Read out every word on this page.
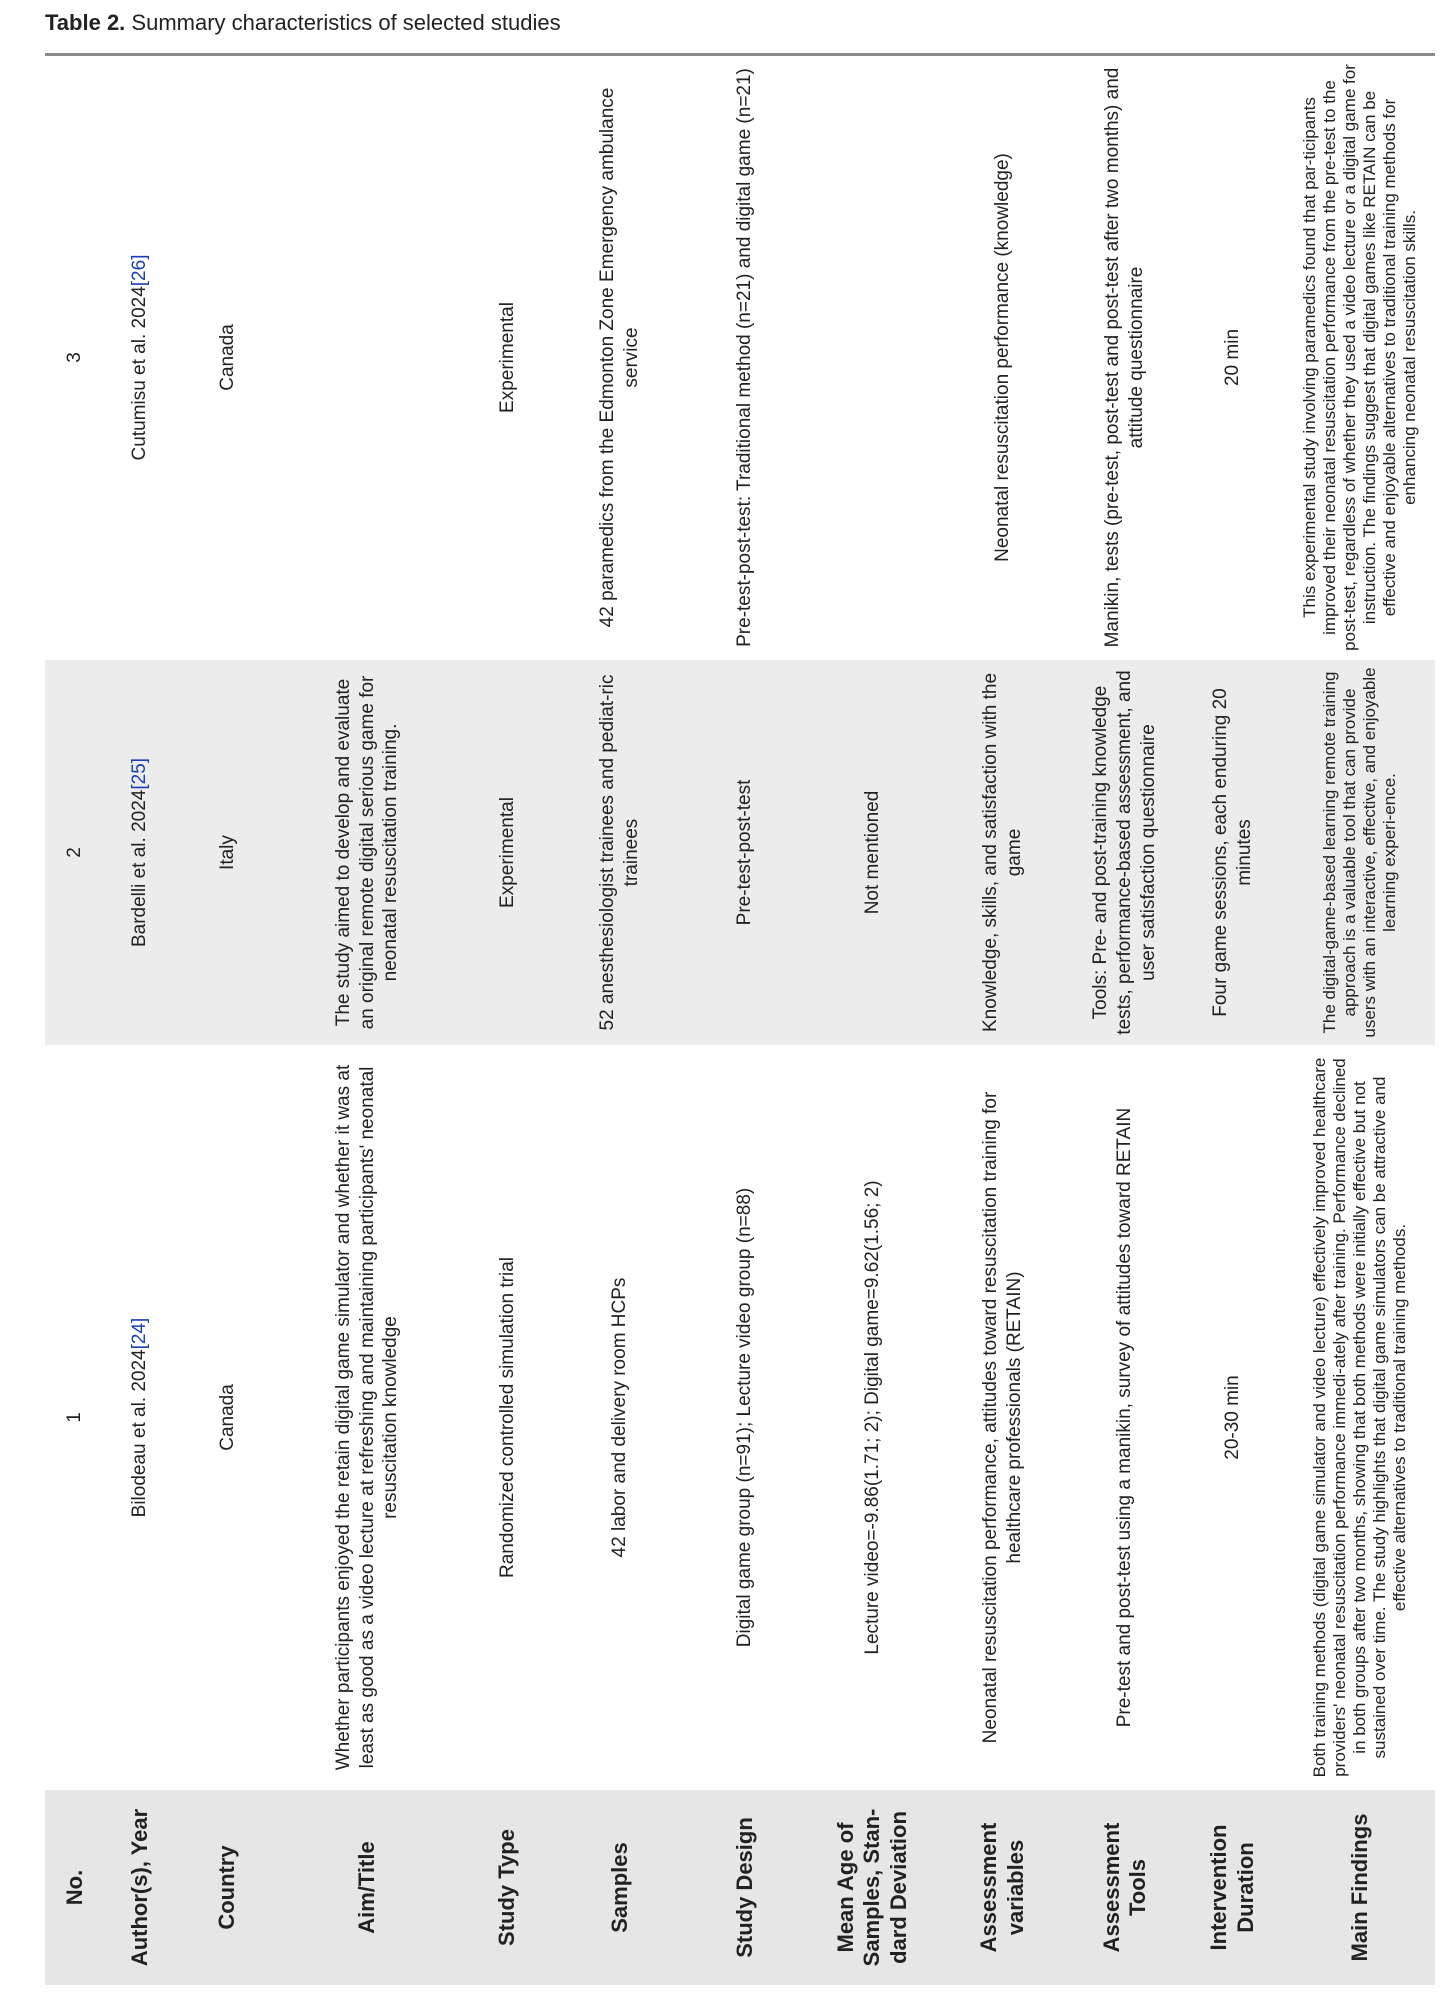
Table 2. Summary characteristics of selected studies
No.
1
2
3
Author(s), Year
Bilodeau et al. 2024
[24]
Bardelli et al. 2024
[25]
Cutumisu et al. 2024
[26]
Country
Canada
Italy
Canada
Aim/Title
Whether participants enjoyed the retain digital game simulator and whether it was at least as good as a video lecture at refreshing and maintaining participants' neonatal resuscitation knowledge
The study aimed to develop and evaluate an original remote digital serious game for neonatal resuscitation training.
Study Type
Randomized controlled simulation trial
Experimental
Experimental
Samples
42 labor and delivery room HCPs
52 anesthesiologist trainees and pediat-ric trainees
42 paramedics from the Edmonton Zone Emergency ambulance service
Study Design
Digital game group (n=91); Lecture video group (n=88)
Pre-test-post-test
Pre-test-post-test: Traditional method (n=21) and digital game (n=21)
Mean Age of Samples, Stan-dard Deviation
Lecture video=-9.86(1.71; 2); Digital game=9.62(1.56; 2)
Not mentioned
Assessment variables
Neonatal resuscitation performance, attitudes toward resuscitation training for healthcare professionals (RETAIN)
Knowledge, skills, and satisfaction with the game
Neonatal resuscitation performance (knowledge)
Assessment Tools
Pre-test and post-test using a manikin, survey of attitudes toward RETAIN
Tools: Pre- and post-training knowledge tests, performance-based assessment, and user satisfaction questionnaire
Manikin, tests (pre-test, post-test and post-test after two months) and attitude questionnaire
Intervention Duration
20-30 min
Four game sessions, each enduring 20 minutes
20 min
Main Findings
Both training methods (digital game simulator and video lecture) effectively improved healthcare providers' neonatal resuscitation performance immedi-ately after training. Performance declined in both groups after two months, showing that both methods were initially effective but not sustained over time. The study highlights that digital game simulators can be attractive and effective alternatives to traditional training methods.
The digital-game-based learning remote training approach is a valuable tool that can provide users with an interactive, effective, and enjoyable learning experi-ence.
This experimental study involving paramedics found that par-ticipants improved their neonatal resuscitation performance from the pre-test to the post-test, regardless of whether they used a video lecture or a digital game for instruction. The findings suggest that digital games like RETAIN can be effective and enjoyable alternatives to traditional training methods for enhancing neonatal resuscitation skills.
